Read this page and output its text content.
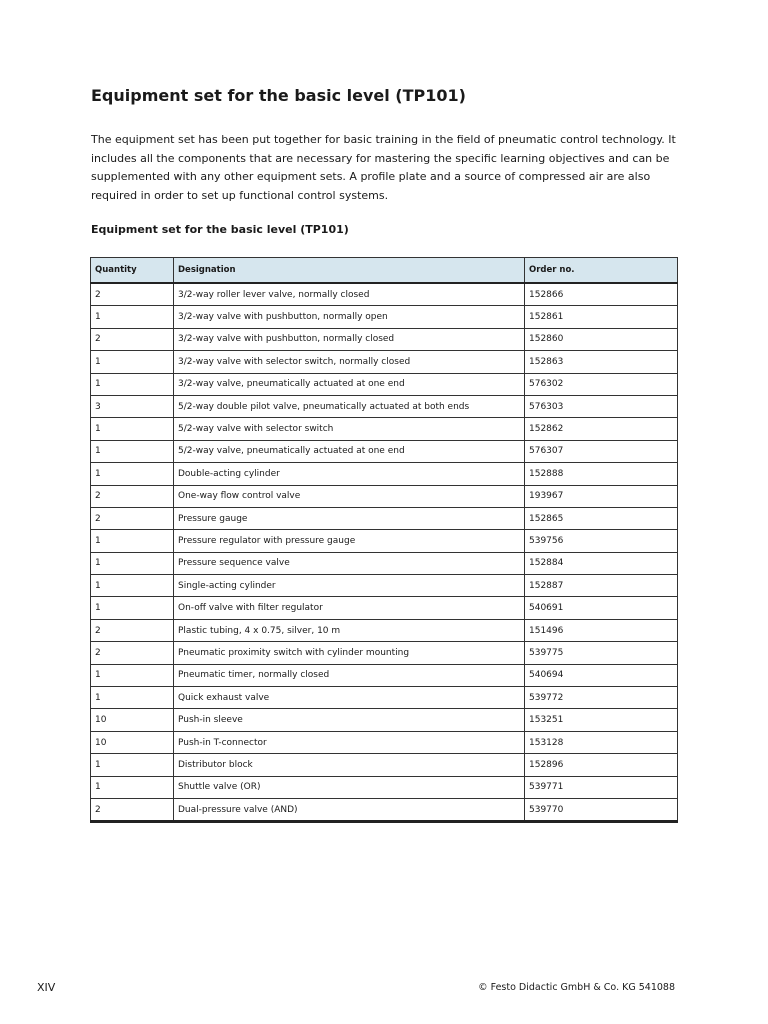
Equipment set for the basic level (TP101)

The equipment set has been put together for basic training in the field of pneumatic control technology. It includes all the components that are necessary for mastering the specific learning objectives and can be supplemented with any other equipment sets. A profile plate and a source of compressed air are also required in order to set up functional control systems.

Equipment set for the basic level (TP101)
Quantity	Designation	Order no.
2	3/2-way roller lever valve, normally closed	152866
1	3/2-way valve with pushbutton, normally open	152861
2	3/2-way valve with pushbutton, normally closed	152860
1	3/2-way valve with selector switch, normally closed	152863
1	3/2-way valve, pneumatically actuated at one end	576302
3	5/2-way double pilot valve, pneumatically actuated at both ends	576303
1	5/2-way valve with selector switch	152862
1	5/2-way valve, pneumatically actuated at one end	576307
1	Double-acting cylinder	152888
2	One-way flow control valve	193967
2	Pressure gauge	152865
1	Pressure regulator with pressure gauge	539756
1	Pressure sequence valve	152884
1	Single-acting cylinder	152887
1	On-off valve with filter regulator	540691
2	Plastic tubing, 4 x 0.75, silver, 10 m	151496
2	Pneumatic proximity switch with cylinder mounting	539775
1	Pneumatic timer, normally closed	540694
1	Quick exhaust valve	539772
10	Push-in sleeve	153251
10	Push-in T-connector	153128
1	Distributor block	152896
1	Shuttle valve (OR)	539771
2	Dual-pressure valve (AND)	539770
XIV	© Festo Didactic GmbH & Co. KG 541088
